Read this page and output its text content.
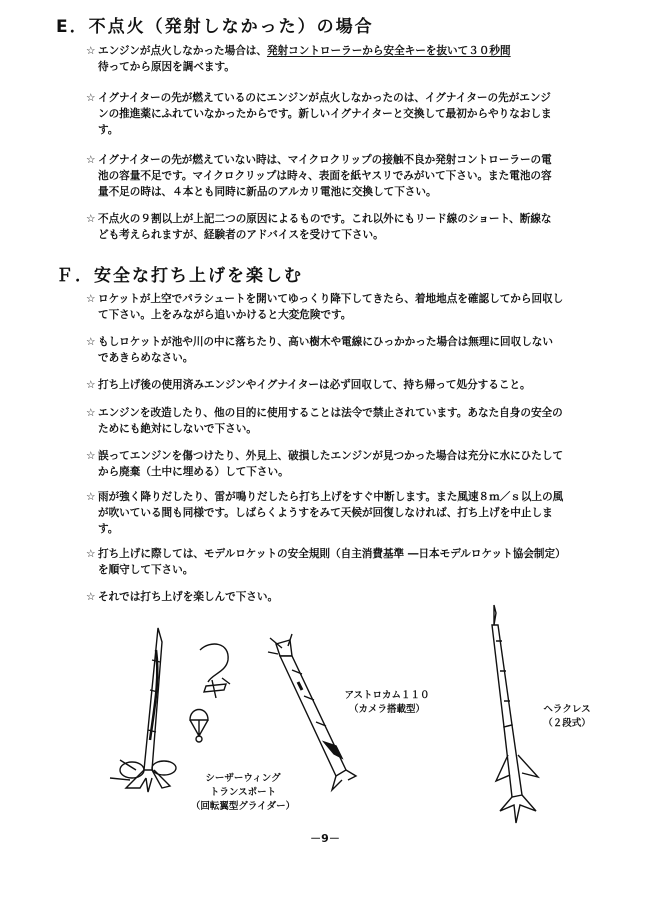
E．不点火（発射しなかった）の場合
☆ エンジンが点火しなかった場合は、発射コントローラーから安全キーを抜いて３０秒間
待ってから原因を調べます。
☆ イグナイターの先が燃えているのにエンジンが点火しなかったのは、イグナイターの先がエンジンの推進薬にふれていなかったからです。新しいイグナイターと交換して最初からやりなおします。
☆ イグナイターの先が燃えていない時は、マイクロクリップの接触不良か発射コントローラーの電池の容量不足です。マイクロクリップは時々、表面を紙ヤスリでみがいて下さい。また電池の容量不足の時は、４本とも同時に新品のアルカリ電池に交換して下さい。
☆ 不点火の９割以上が上記二つの原因によるものです。これ以外にもリード線のショート、断線なども考えられますが、経験者のアドバイスを受けて下さい。
Ｆ．安全な打ち上げを楽しむ
☆ ロケットが上空でパラシュートを開いてゆっくり降下してきたら、着地地点を確認してから回収して下さい。上をみながら追いかけると大変危険です。
☆ もしロケットが池や川の中に落ちたり、高い樹木や電線にひっかかった場合は無理に回収しないであきらめなさい。
☆ 打ち上げ後の使用済みエンジンやイグナイターは必ず回収して、持ち帰って処分すること。
☆ エンジンを改造したり、他の目的に使用することは法令で禁止されています。あなた自身の安全のためにも絶対にしないで下さい。
☆ 誤ってエンジンを傷つけたり、外見上、破損したエンジンが見つかった場合は充分に水にひたしてから廃棄（土中に埋める）して下さい。
☆ 雨が強く降りだしたり、雷が鳴りだしたら打ち上げをすぐ中断します。また風速８ｍ／ｓ以上の風が吹いている間も同様です。しばらくようすをみて天候が回復しなければ、打ち上げを中止します。
☆ 打ち上げに際しては、モデルロケットの安全規則（自主消費基準 ―日本モデルロケット協会制定）を順守して下さい。
☆ それでは打ち上げを楽しんで下さい。
シーザーウィング
トランスポート
（回転翼型グライダー）
アストロカム１１０
（カメラ搭載型）	ヘラクレス
（２段式）
－9－
